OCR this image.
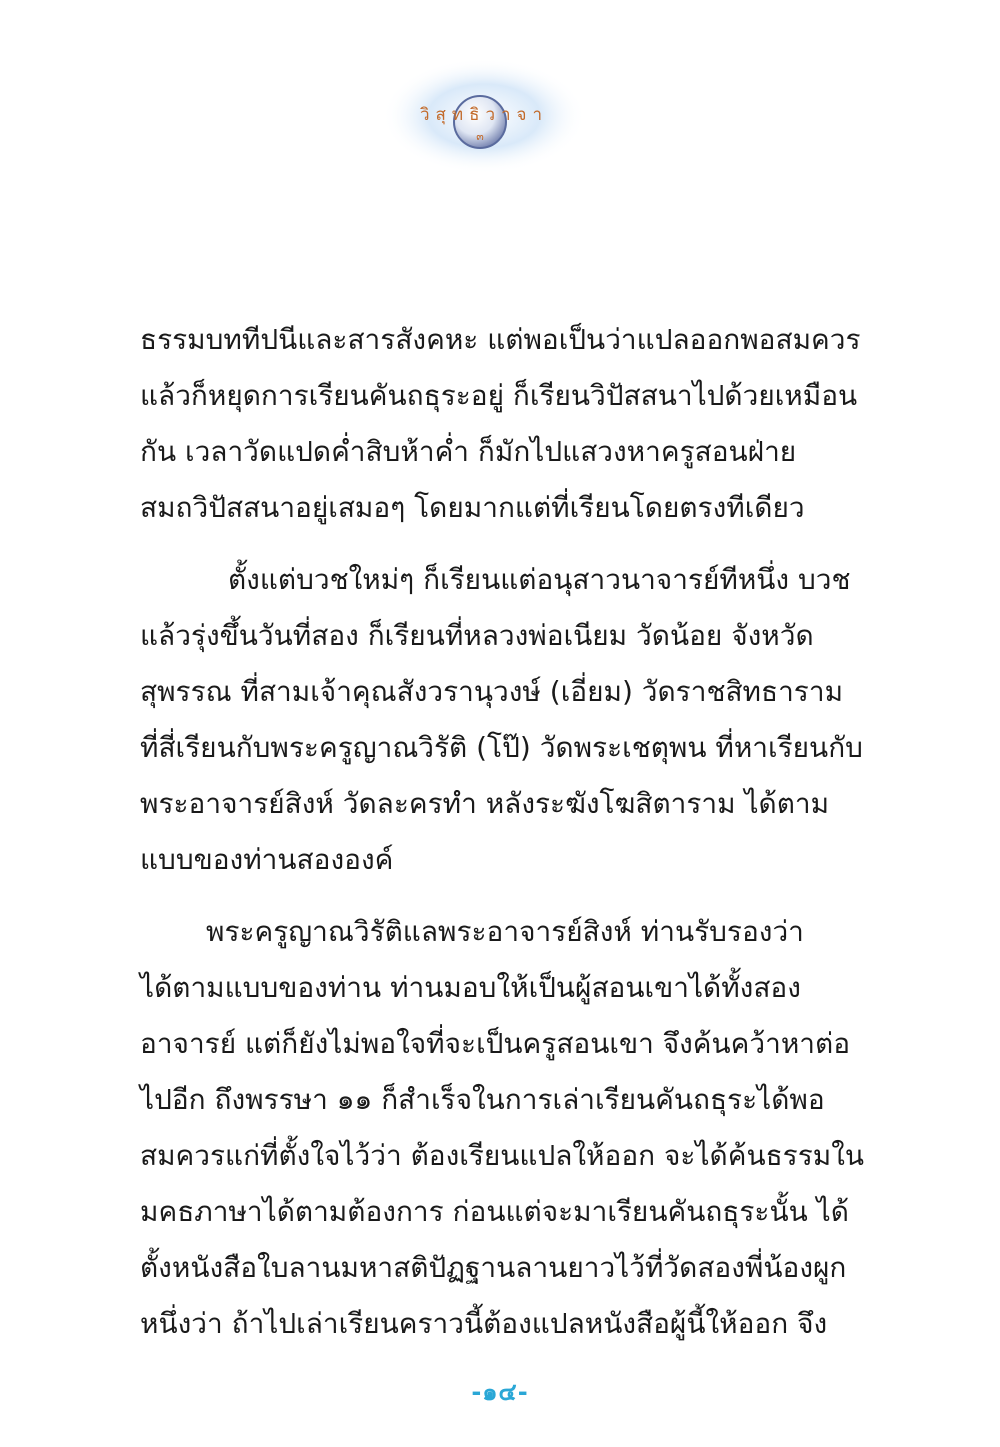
วิสุทธิวาจา
๓

ธรรมบททีปนีและสารสังคหะ แต่พอเป็นว่าแปลออกพอสมควร
แล้วก็หยุดการเรียนคันถธุระอยู่ ก็เรียนวิปัสสนาไปด้วยเหมือน
กัน เวลาวัดแปดค่ำสิบห้าค่ำ ก็มักไปแสวงหาครูสอนฝ่าย
สมถวิปัสสนาอยู่เสมอๆ โดยมากแต่ที่เรียนโดยตรงทีเดียว

ตั้งแต่บวชใหม่ๆ ก็เรียนแต่อนุสาวนาจารย์ทีหนึ่ง บวช
แล้วรุ่งขึ้นวันที่สอง ก็เรียนที่หลวงพ่อเนียม วัดน้อย จังหวัด
สุพรรณ ที่สามเจ้าคุณสังวรานุวงษ์ (เอี่ยม) วัดราชสิทธาราม
ที่สี่เรียนกับพระครูญาณวิรัติ (โป๊) วัดพระเชตุพน ที่หาเรียนกับ
พระอาจารย์สิงห์ วัดละครทำ หลังระฆังโฆสิตาราม ได้ตาม
แบบของท่านสององค์

พระครูญาณวิรัติแลพระอาจารย์สิงห์ ท่านรับรองว่า
ได้ตามแบบของท่าน ท่านมอบให้เป็นผู้สอนเขาได้ทั้งสอง
อาจารย์ แต่ก็ยังไม่พอใจที่จะเป็นครูสอนเขา จึงค้นคว้าหาต่อ
ไปอีก ถึงพรรษา ๑๑ ก็สำเร็จในการเล่าเรียนคันถธุระได้พอ
สมควรแก่ที่ตั้งใจไว้ว่า ต้องเรียนแปลให้ออก จะได้ค้นธรรมใน
มคธภาษาได้ตามต้องการ ก่อนแต่จะมาเรียนคันถธุระนั้น ได้
ตั้งหนังสือใบลานมหาสติปัฏฐานลานยาวไว้ที่วัดสองพี่น้องผูก
หนึ่งว่า ถ้าไปเล่าเรียนคราวนี้ต้องแปลหนังสือผู้นี้ให้ออก จึง

-๑๔-
